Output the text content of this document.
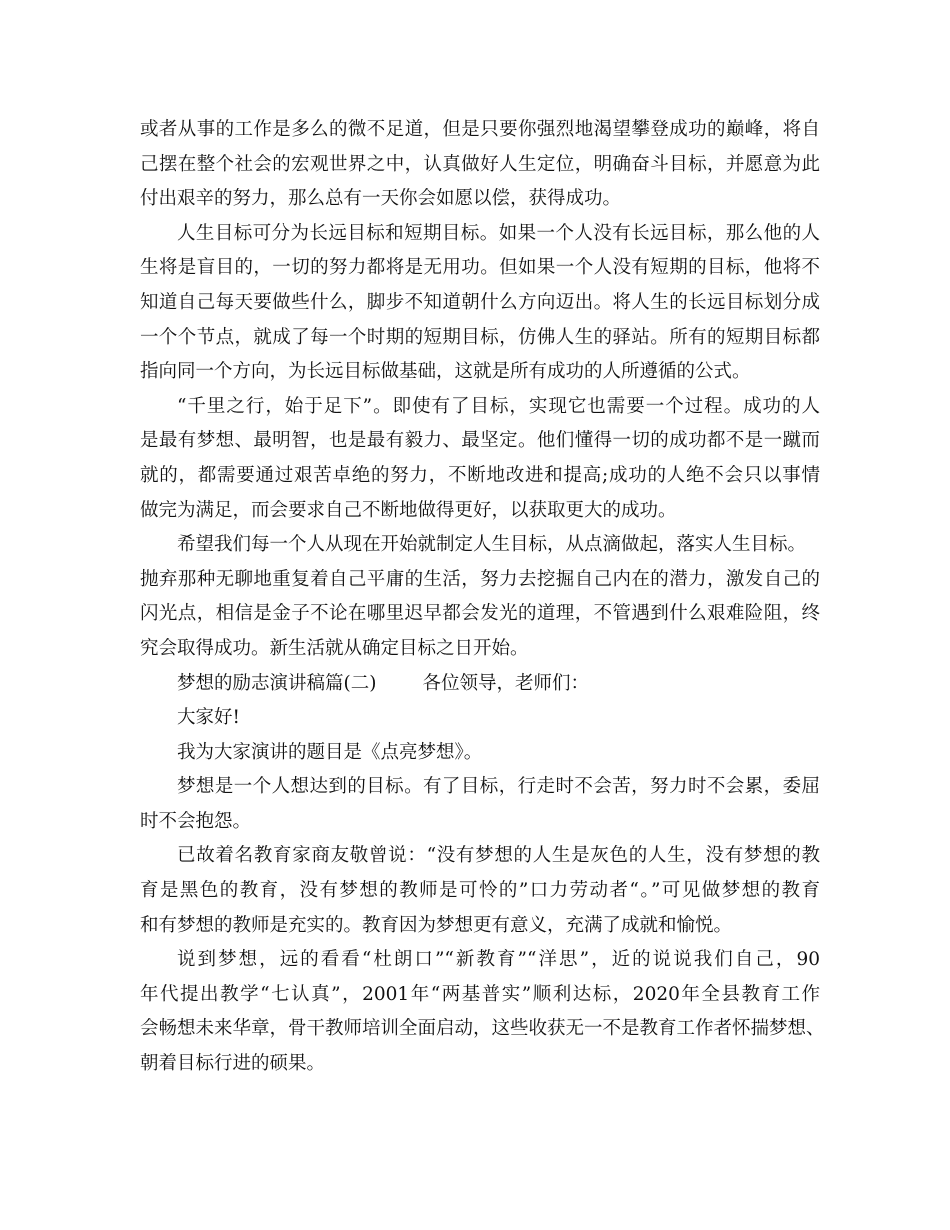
或者从事的工作是多么的微不足道，但是只要你强烈地渴望攀登成功的巅峰，将自
己摆在整个社会的宏观世界之中，认真做好人生定位，明确奋斗目标，并愿意为此
付出艰辛的努力，那么总有一天你会如愿以偿，获得成功。
人生目标可分为长远目标和短期目标。如果一个人没有长远目标，那么他的人
生将是盲目的，一切的努力都将是无用功。但如果一个人没有短期的目标，他将不
知道自己每天要做些什么，脚步不知道朝什么方向迈出。将人生的长远目标划分成
一个个节点，就成了每一个时期的短期目标，仿佛人生的驿站。所有的短期目标都
指向同一个方向，为长远目标做基础，这就是所有成功的人所遵循的公式。
“千里之行，始于足下”。即使有了目标，实现它也需要一个过程。成功的人
是最有梦想、最明智，也是最有毅力、最坚定。他们懂得一切的成功都不是一蹴而
就的，都需要通过艰苦卓绝的努力，不断地改进和提高;成功的人绝不会只以事情
做完为满足，而会要求自己不断地做得更好，以获取更大的成功。
希望我们每一个人从现在开始就制定人生目标，从点滴做起，落实人生目标。
抛弃那种无聊地重复着自己平庸的生活，努力去挖掘自己内在的潜力，激发自己的
闪光点，相信是金子不论在哪里迟早都会发光的道理，不管遇到什么艰难险阻，终
究会取得成功。新生活就从确定目标之日开始。
梦想的励志演讲稿篇(二) 各位领导，老师们：
大家好!
我为大家演讲的题目是《点亮梦想》。
梦想是一个人想达到的目标。有了目标，行走时不会苦，努力时不会累，委屈
时不会抱怨。
已故着名教育家商友敬曾说：“没有梦想的人生是灰色的人生，没有梦想的教
育是黑色的教育，没有梦想的教师是可怜的”口力劳动者“。”可见做梦想的教育
和有梦想的教师是充实的。教育因为梦想更有意义，充满了成就和愉悦。
说到梦想，远的看看“杜朗口”“新教育”“洋思”，近的说说我们自己，90
年代提出教学“七认真”，2001年“两基普实”顺利达标，2020年全县教育工作
会畅想未来华章，骨干教师培训全面启动，这些收获无一不是教育工作者怀揣梦想、
朝着目标行进的硕果。
